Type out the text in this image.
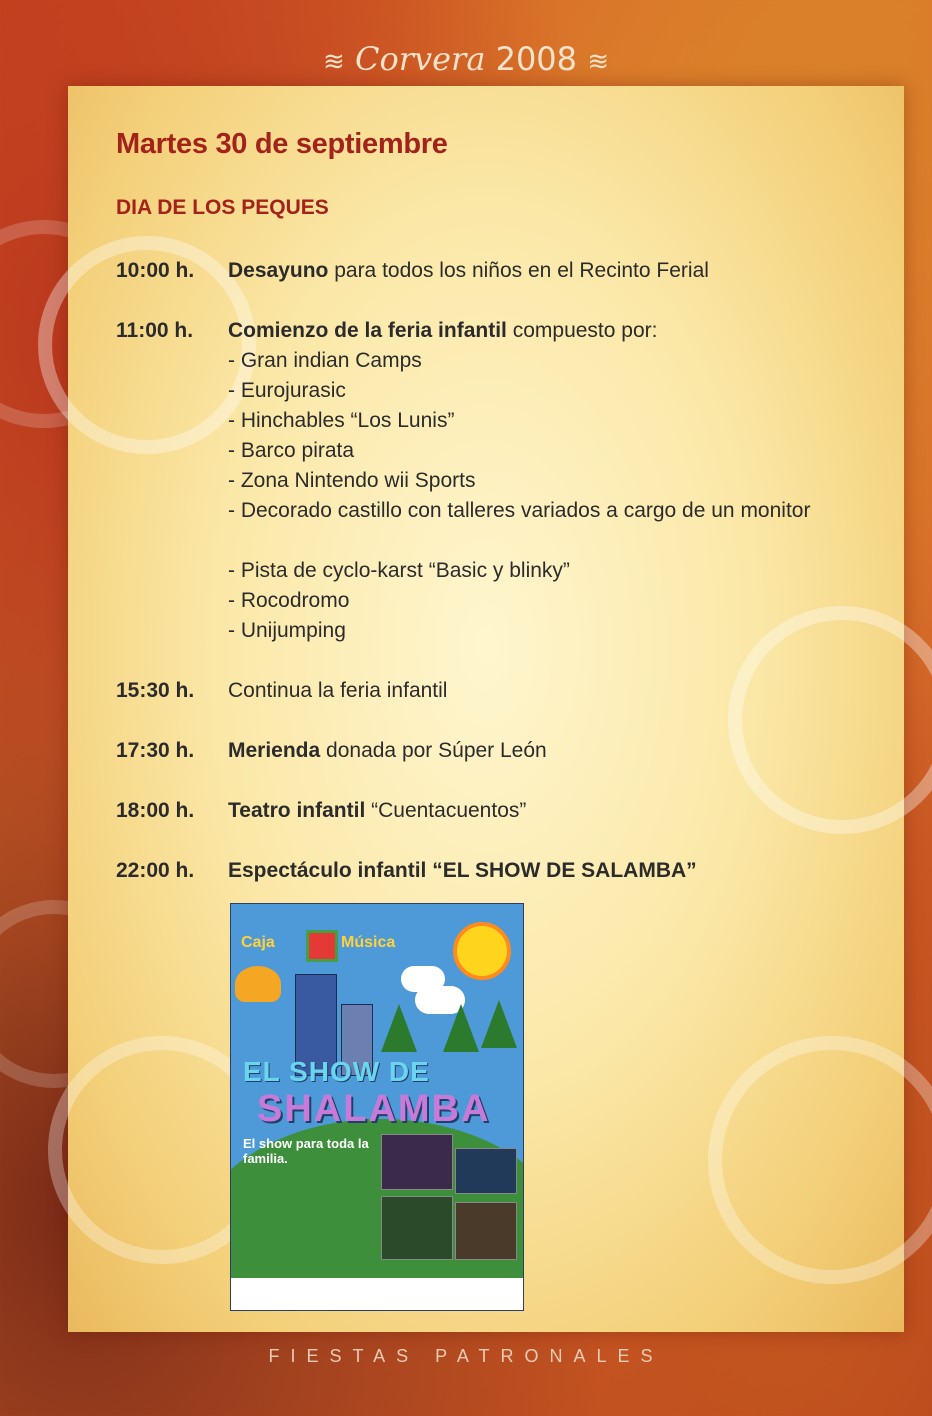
≋ Corvera 2008 ≋
Martes 30 de septiembre
DIA DE LOS PEQUES
10:00 h.	Desayuno para todos los niños en el Recinto Ferial
11:00 h.	Comienzo de la feria infantil compuesto por:
- Gran indian Camps
- Eurojurasic
- Hinchables “Los Lunis”
- Barco pirata
- Zona Nintendo wii Sports
- Decorado castillo con talleres variados a cargo de un monitor
- Pista de cyclo-karst “Basic y blinky”
- Rocodromo
- Unijumping
15:30 h.	Continua la feria infantil
17:30 h.	Merienda donada por Súper León
18:00 h.	Teatro infantil “Cuentacuentos”
22:00 h.	Espectáculo infantil “EL SHOW DE SALAMBA”
Caja	Música
EL SHOW DE
SHALAMBA
El show para toda la familia.
FIESTAS PATRONALES
